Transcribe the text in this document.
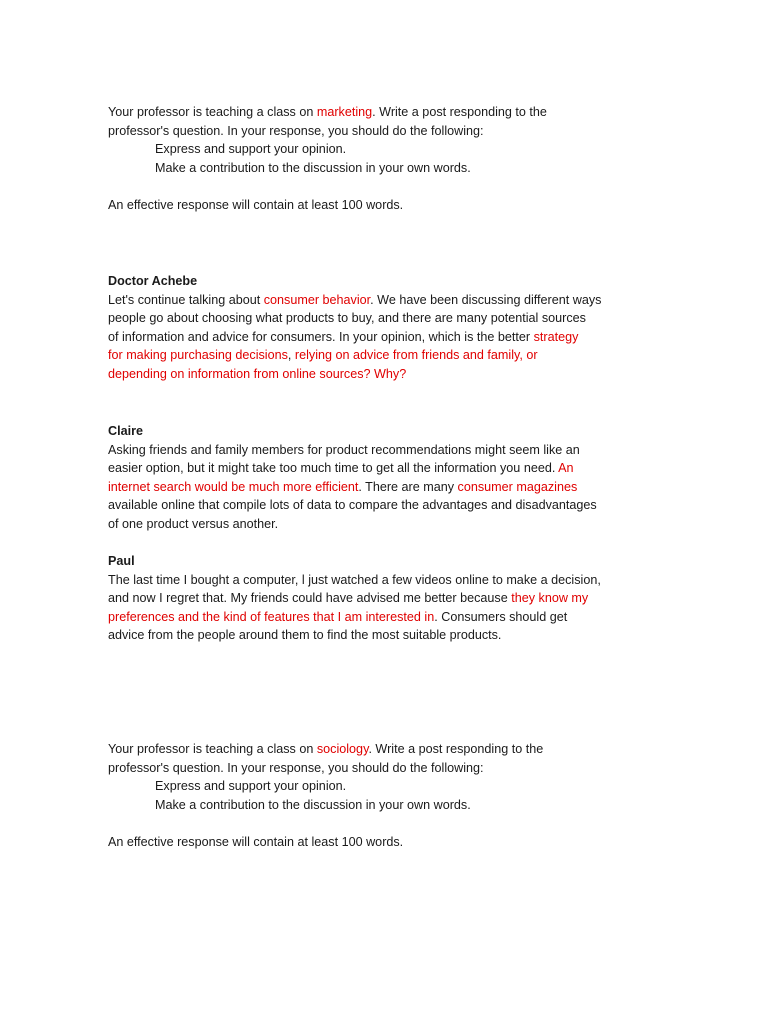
Your professor is teaching a class on marketing. Write a post responding to the
professor's question. In your response, you should do the following:
Express and support your opinion.
Make a contribution to the discussion in your own words.
An effective response will contain at least 100 words.
Doctor Achebe
Let's continue talking about consumer behavior. We have been discussing different ways
people go about choosing what products to buy, and there are many potential sources
of information and advice for consumers. In your opinion, which is the better strategy
for making purchasing decisions, relying on advice from friends and family, or
depending on information from online sources? Why?
Claire
Asking friends and family members for product recommendations might seem like an
easier option, but it might take too much time to get all the information you need. An
internet search would be much more efficient. There are many consumer magazines
available online that compile lots of data to compare the advantages and disadvantages
of one product versus another.
Paul
The last time I bought a computer, l just watched a few videos online to make a decision,
and now I regret that. My friends could have advised me better because they know my
preferences and the kind of features that I am interested in. Consumers should get
advice from the people around them to find the most suitable products.
Your professor is teaching a class on sociology. Write a post responding to the
professor's question. In your response, you should do the following:
Express and support your opinion.
Make a contribution to the discussion in your own words.
An effective response will contain at least 100 words.
